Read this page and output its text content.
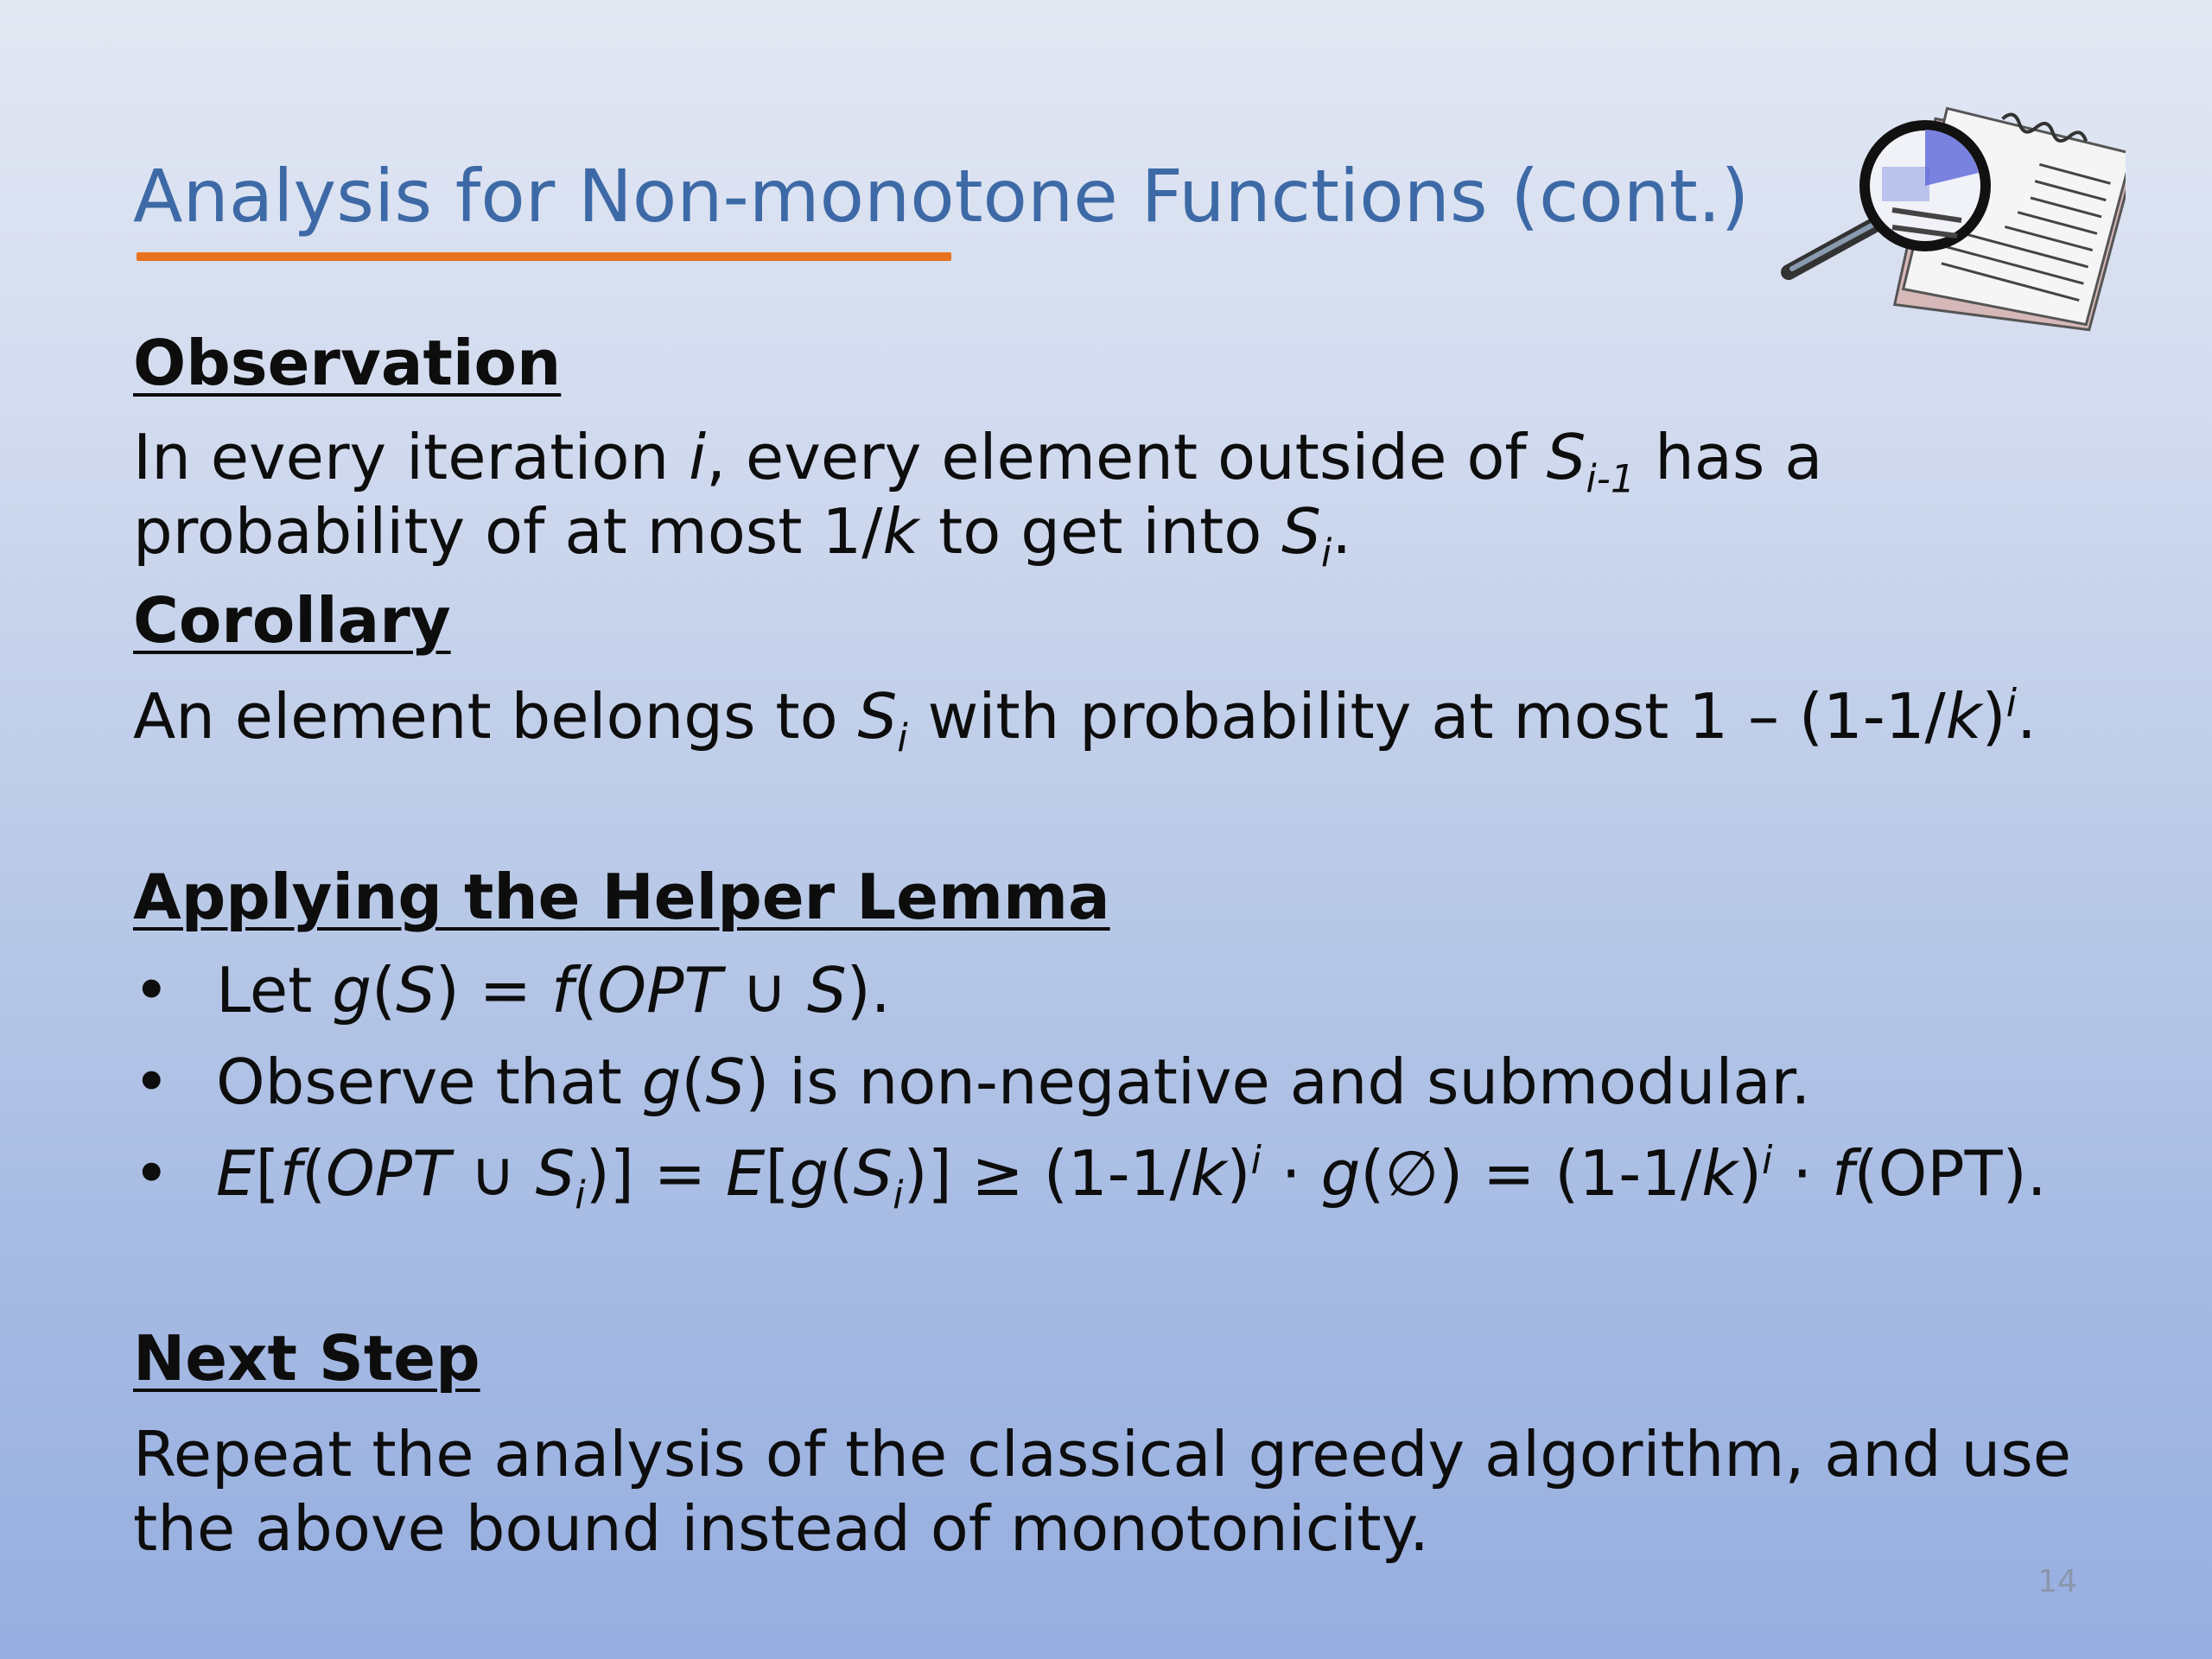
Analysis for Non-monotone Functions (cont.)
Observation

In every iteration i, every element outside of $S_{i-1}$ has a
probability of at most 1/k to get into $S_i$.

Corollary

An element belongs to $S_i$ with probability at most $1 - (1-1/k)^i$.

Applying the Helper Lemma

• Let g(S) = f(OPT ∪ S).

• Observe that g(S) is non-negative and submodular.

• E[f(OPT ∪ $S_i)] = E[g(S_i)] \ge (1-1/k)^i$ · g(∅) = $(1-1/k)^i \cdot f(OPT)$.

Next Step

Repeat the analysis of the classical greedy algorithm, and use
the above bound instead of monotonicity.

14
